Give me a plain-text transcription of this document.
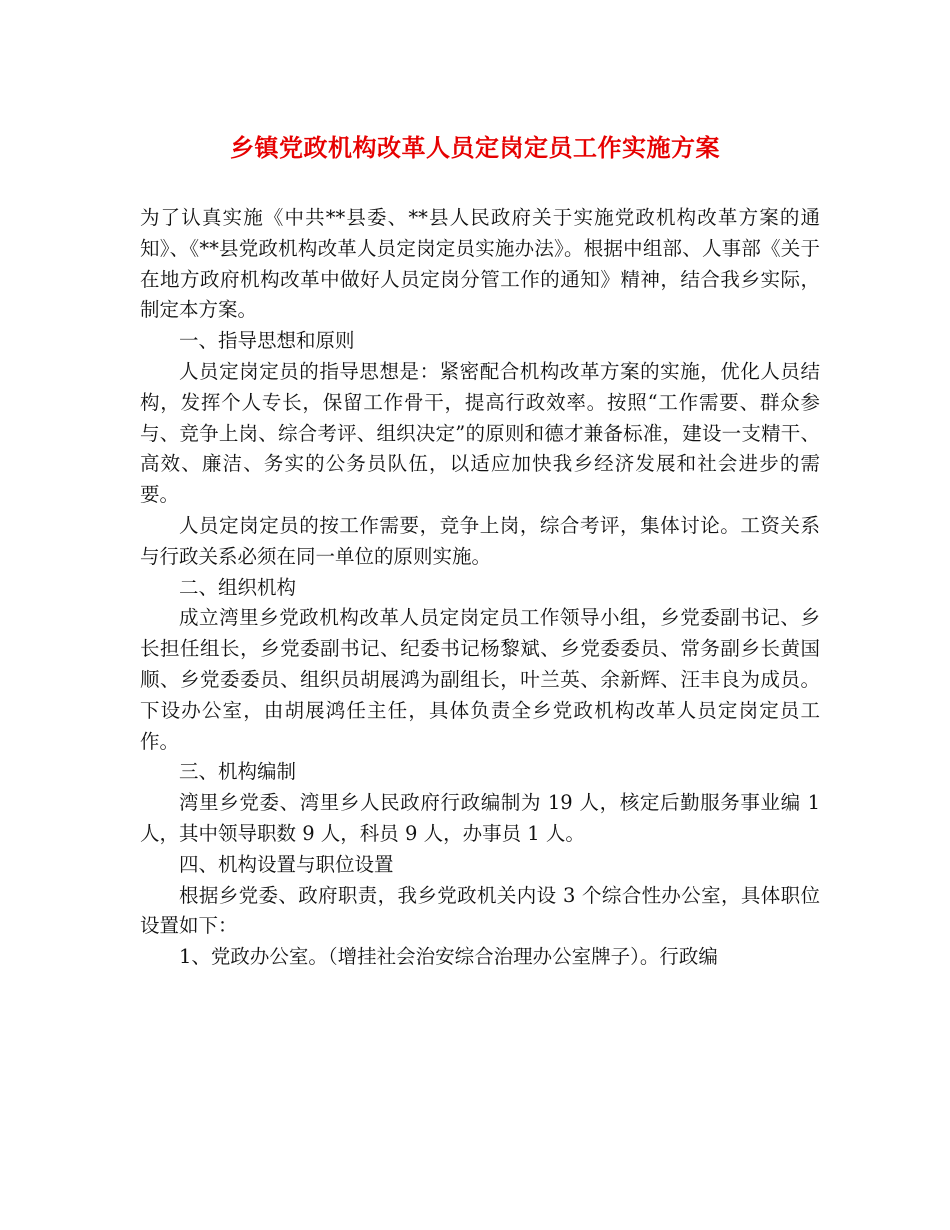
乡镇党政机构改革人员定岗定员工作实施方案

为了认真实施《中共**县委、**县人民政府关于实施党政机构改革方案的通知》、《**县党政机构改革人员定岗定员实施办法》。根据中组部、人事部《关于在地方政府机构改革中做好人员定岗分管工作的通知》精神，结合我乡实际，制定本方案。

一、指导思想和原则

人员定岗定员的指导思想是：紧密配合机构改革方案的实施，优化人员结构，发挥个人专长，保留工作骨干，提高行政效率。按照“工作需要、群众参与、竞争上岗、综合考评、组织决定”的原则和德才兼备标准，建设一支精干、高效、廉洁、务实的公务员队伍，以适应加快我乡经济发展和社会进步的需要。

人员定岗定员的按工作需要，竞争上岗，综合考评，集体讨论。工资关系与行政关系必须在同一单位的原则实施。

二、组织机构

成立湾里乡党政机构改革人员定岗定员工作领导小组，乡党委副书记、乡长担任组长，乡党委副书记、纪委书记杨黎斌、乡党委委员、常务副乡长黄国顺、乡党委委员、组织员胡展鸿为副组长，叶兰英、余新辉、汪丰良为成员。下设办公室，由胡展鸿任主任，具体负责全乡党政机构改革人员定岗定员工作。

三、机构编制

湾里乡党委、湾里乡人民政府行政编制为 19 人，核定后勤服务事业编 1 人，其中领导职数 9 人，科员 9 人，办事员 1 人。

四、机构设置与职位设置

根据乡党委、政府职责，我乡党政机关内设 3 个综合性办公室，具体职位设置如下：

1、党政办公室。（增挂社会治安综合治理办公室牌子）。行政编
